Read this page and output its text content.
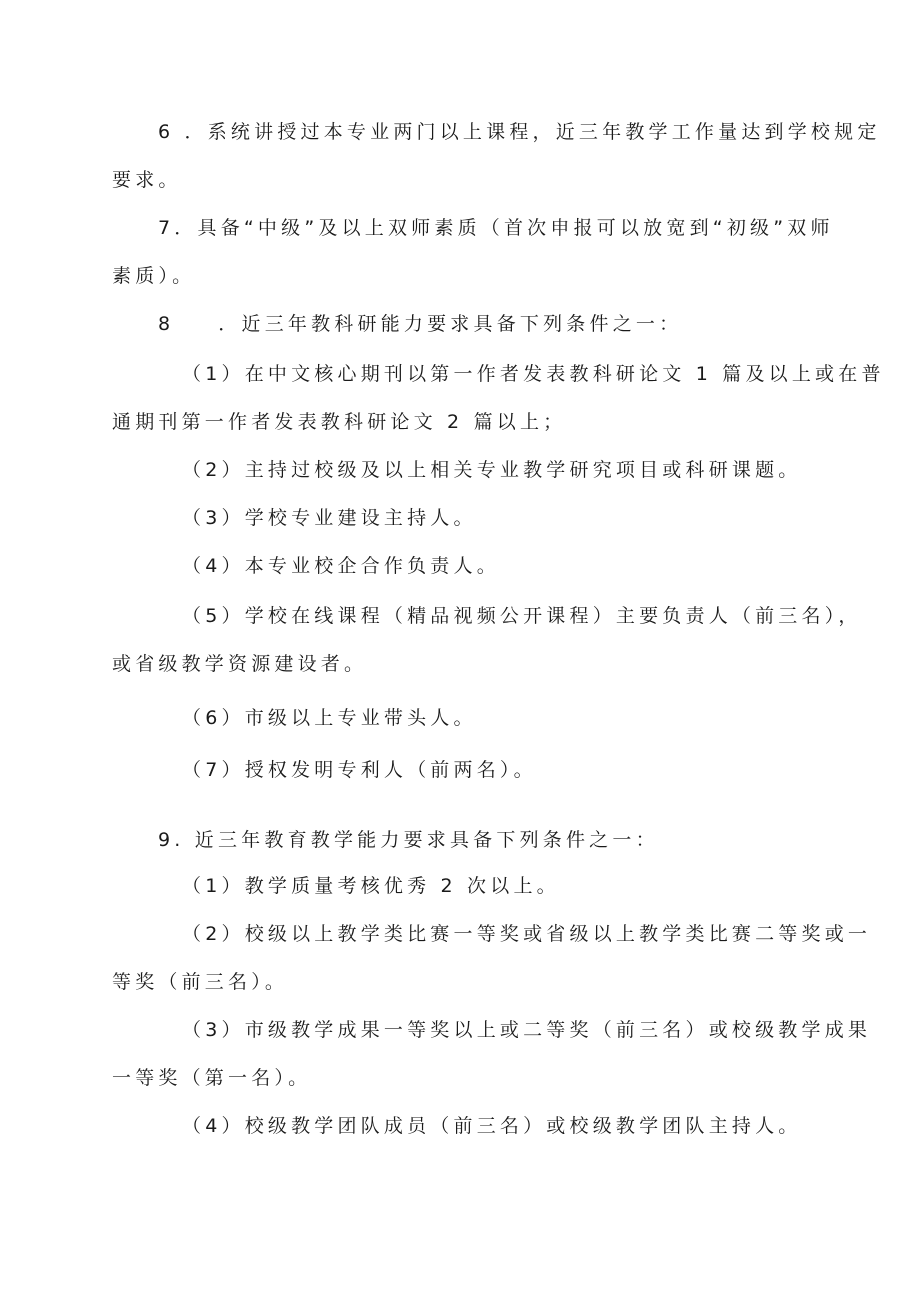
6 ．系统讲授过本专业两门以上课程，近三年教学工作量达到学校规定
要求。
7．具备“中级”及以上双师素质（首次申报可以放宽到“初级”双师
素质）。
8 ．近三年教科研能力要求具备下列条件之一：
（1）在中文核心期刊以第一作者发表教科研论文 1 篇及以上或在普
通期刊第一作者发表教科研论文 2 篇以上；
（2）主持过校级及以上相关专业教学研究项目或科研课题。
（3）学校专业建设主持人。
（4）本专业校企合作负责人。
（5）学校在线课程（精品视频公开课程）主要负责人（前三名），
或省级教学资源建设者。
（6）市级以上专业带头人。
（7）授权发明专利人（前两名）。
9. 近三年教育教学能力要求具备下列条件之一：
（1）教学质量考核优秀 2 次以上。
（2）校级以上教学类比赛一等奖或省级以上教学类比赛二等奖或一
等奖（前三名）。
（3）市级教学成果一等奖以上或二等奖（前三名）或校级教学成果
一等奖（第一名）。
（4）校级教学团队成员（前三名）或校级教学团队主持人。
